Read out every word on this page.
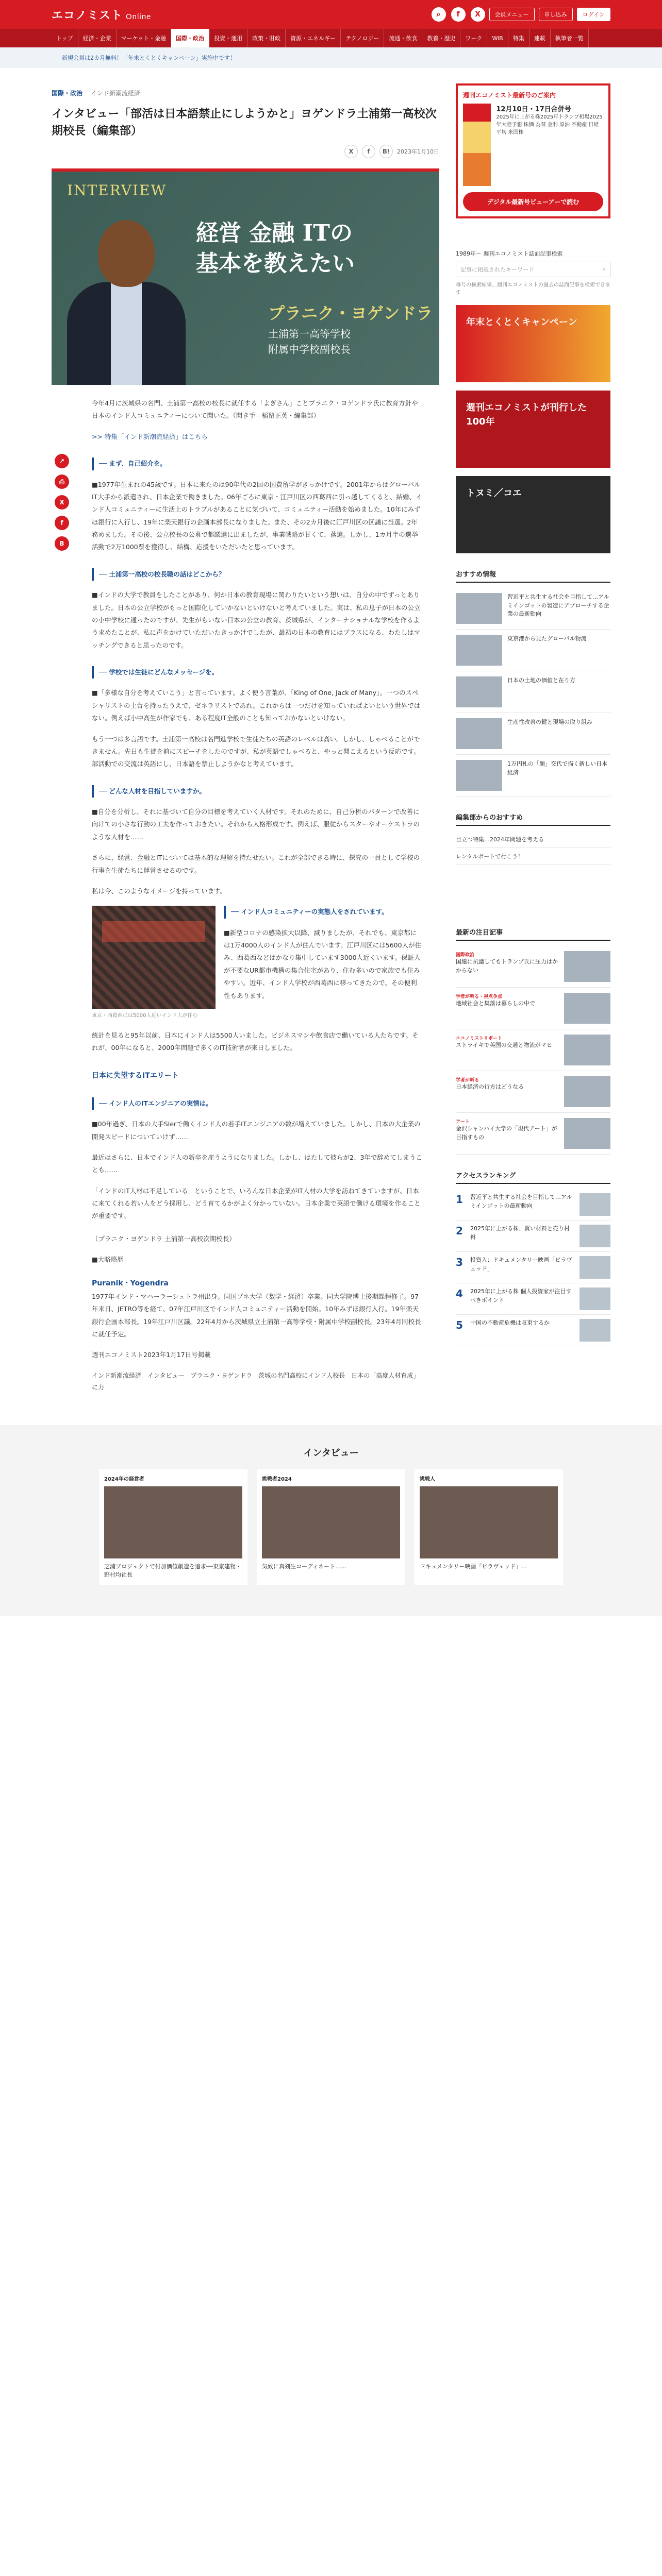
エコノミスト Online	⌕	f	X	会員メニュー	申し込み	ログイン
トップ	経済・企業	マーケット・金融	国際・政治	投資・運用	政策・財政	資源・エネルギー	テクノロジー	流通・飲食	教養・歴史	ワーク	WiB	特集	連載	執筆者一覧
新規会員は2カ月無料！「年末とくとくキャンペーン」実施中です！
国際・政治 インド新潮流経済
インタビュー「部活は日本語禁止にしようかと」ヨゲンドラ土浦第一高校次期校長（編集部）
X	f	B!	2023年1月10日
INTERVIEW
経営 金融 ITの
基本を教えたい
プラニク・ヨゲンドラ
土浦第一高等学校
附属中学校副校長
↗
⎙
X
f
B

今年4月に茨城県の名門、土浦第一高校の校長に就任する「よぎさん」ことプラニク・ヨゲンドラ氏に教育方針や日本のインド人コミュニティーについて聞いた。（聞き手＝稲留正英・編集部）

>> 特集「インド新潮流経済」はこちら

── まず、自己紹介を。

■1977年生まれの45歳です。日本に来たのは90年代の2回の国費留学がきっかけです。2001年からはグローバルIT大手から派遣され、日本企業で働きました。06年ごろに東京・江戸川区の西葛西に引っ越してくると、結婚、インド人コミュニティーに生活上のトラブルがあることに気づいて、コミュニティー活動を始めました。10年にみずほ銀行に入行し、19年に楽天銀行の企画本部長になりました。また、その2カ月後に江戸川区の区議に当選。2年務めました。その後、公立校長の公募で都議選に出ましたが、事業戦略が甘くて、落選。しかし、1カ月半の選挙活動で2万1000票を獲得し、結構、応援をいただいたと思っています。

── 土浦第一高校の校長職の話はどこから？

■インドの大学で教員をしたことがあり、何か日本の教育現場に関わりたいという想いは、自分の中でずっとありました。日本の公立学校がもっと国際化していかないといけないと考えていました。実は、私の息子が日本の公立の小中学校に通ったのですが、先生がもいない日本の公立の教育、茨城県が、インターナショナルな学校を作るよう求めたことが、私に声をかけていただいたきっかけでしたが、最初の日本の教育にはプラスになる、わたしはマッチングできると思ったのです。

── 学校では生徒にどんなメッセージを。

■「多様な自分を考えていこう」と言っています。よく使う言葉が、「King of One, Jack of Many」。一つのスペシャリストの土台を持ったうえで、ゼネラリストであれ。これからは一つだけを知っていればよいという世界ではない。例えば小中高生が作家でも、ある程度IT全般のことも知っておかないといけない。

もう一つは多言語です。土浦第一高校は名門進学校で生徒たちの英語のレベルは高い。しかし、しゃべることができません。先日も生徒を前にスピーチをしたのですが、私が英語でしゃべると、やっと聞こえるという反応です。部活動での交流は英語にし、日本語を禁止しようかなと考えています。

── どんな人材を目指していますか。

■自分を分析し、それに基づいて自分の目標を考えていく人材です。それのために、自己分析のパターンで改善に向けての小さな行動の工夫を作っておきたい。それから人格形成です。例えば、服従からスターやオーケストラのような人材を……

さらに、経営、金融とITについては基本的な理解を持たせたい。これが全部できる時に、探究の一員として学校の行事を生徒たちに運営させるのです。

私は今、このようなイメージを持っています。

東京・西葛西には5000人近いインド人が住む
── インド人コミュニティーの実態人をされています。

■新型コロナの感染拡大以降、減りましたが、それでも、東京都には1万4000人のインド人が住んでいます。江戸川区には5600人が住み、西葛西などはかなり集中しています3000人近くいます。保証人が不要なUR都市機構の集合住宅があり、住む多いので家族でも住みやすい。近年、インド人学校が西葛西に移ってきたので、その便利性もあります。

統計を見ると95年以前、日本にインド人は5500人いました。ビジネスマンや飲食店で働いている人たちです。それが、00年になると、2000年問題で多くのIT技術者が来日しました。

日本に失望するITエリート
── インド人のITエンジニアの実情は。

■00年過ぎ、日本の大手SIerで働くインド人の若手ITエンジニアの数が増えていました。しかし、日本の大企業の開発スピードについていけず……

最近はさらに、日本でインド人の新卒を雇うようになりました。しかし、はたして彼らが2、3年で辞めてしまうことも……

「インドのIT人材は不足している」ということで、いろんな日本企業がIT人材の大学を訪ねてきていますが、日本に来てくれる若い人をどう採用し、どう育てるかがよく分かっていない。日本企業で英語で働ける環境を作ることが重要です。

（プラニク・ヨゲンドラ 土浦第一高校次期校長）

■大略略歴

Puranik・Yogendra

1977年インド・マハーラーシュトラ州出身。同国プネ大学（数学・経済）卒業。同大学院博士後期課程修了。97年来日、JETRO等を経て、07年江戸川区でインド人コミュニティー活動を開始。10年みずほ銀行入行。19年楽天銀行企画本部長。19年江戸川区議。22年4月から茨城県立土浦第一高等学校・附属中学校副校長。23年4月同校長に就任予定。

週刊エコノミスト2023年1月17日号掲載

インド新潮流経済　インタビュー　プラニク・ヨゲンドラ　茨城の名門高校にインド人校長　日本の「高度人材育成」に力
週刊エコノミスト最新号のご案内
12月10日・17日合併号
2025年に上がる株2025年トランプ相場2025年大胆予想 株価 為替 金利 原油 不動産 日経平均 米国株
デジタル最新号ビューアーで読む
1989年～ 週刊エコノミスト誌面記事検索
記事に掲載されたキーワード	⌕
毎号の検索結果…週刊エコノミストの過去の誌面記事を検索できます
年末とくとくキャンペーン
週刊エコノミストが刊行した100年
トヌミ／コエ
おすすめ情報
習近平と共生する社会を目指して…アルミインゴットの製造にアプローチする企業の最新動向
東京港から見たグローバル物流
日本の土地の価値と在り方
生産性改善の鍵と現場の取り組み
1万円札の「顔」交代で描く新しい日本経済
編集部からのおすすめ
目立つ特集…2024年問題を考える
レンタルポートで行こう！
最新の注目記事
国際政治
国連に抗議してもトランプ氏に圧力はかからない
学者が斬る・視点争点
地域社会と集落は暮らしの中で
エコノミストリポート
ストライキで英国の交通と物流がマヒ
学者が斬る
日本経済の行方はどうなる
アート
金沢シャンハイ大学の「現代アート」が目指すもの
アクセスランキング
1	習近平と共生する社会を目指して…アルミインゴットの最新動向
2	2025年に上がる株、買い材料と売り材料
3	投資入：ドキュメンタリー映画「ビラヴェッド」
4	2025年に上がる株 個人投資家が注目すべきポイント
5	中国の不動産危機は収束するか
インタビュー
2024年の経営者
芝浦ブロジェクトで付加価値創造を追求──東京建物・野村均社長
挑戦者2024
気候に真剣生コーディネート……
挑戦人
ドキュメンタリー映画「ビラヴェッド」…
